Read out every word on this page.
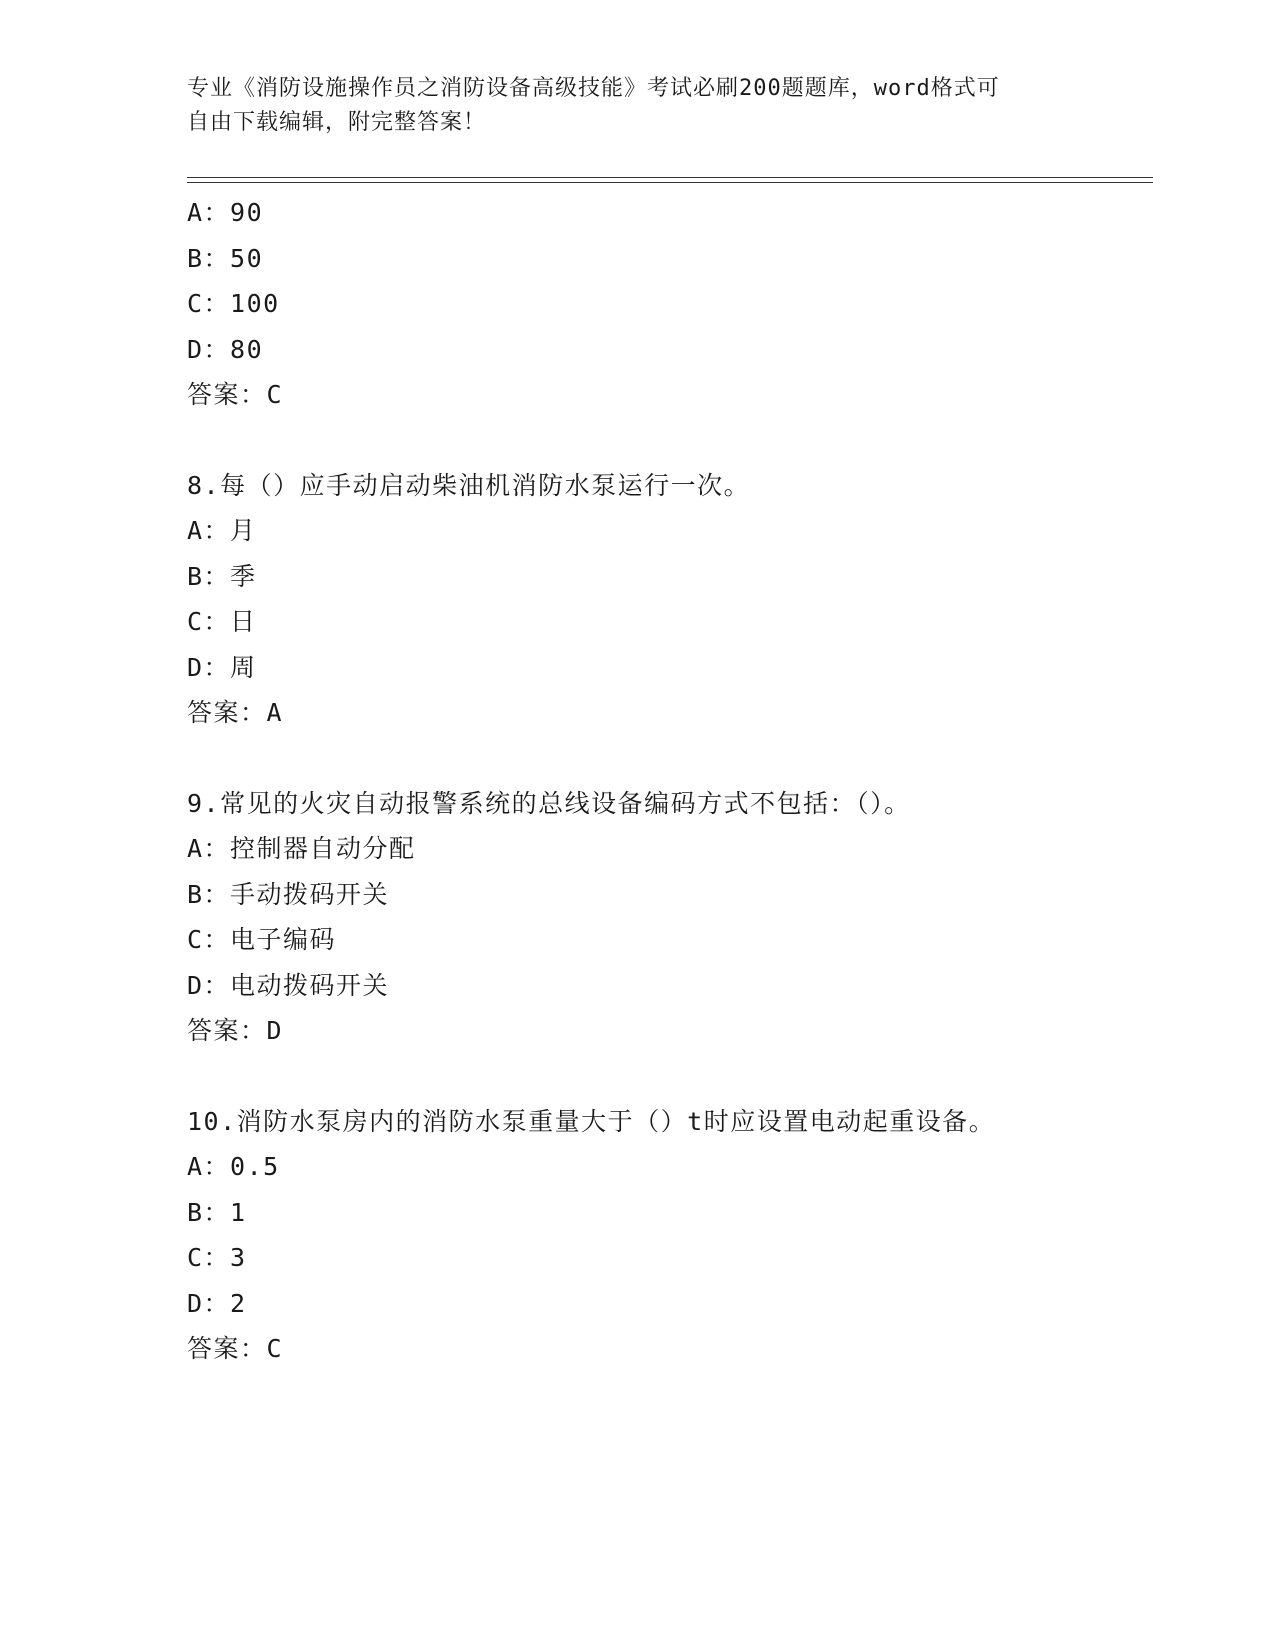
专业《消防设施操作员之消防设备高级技能》考试必刷200题题库，word格式可
自由下载编辑，附完整答案！
A：90
B：50
C：100
D：80
答案：C
8.每（）应手动启动柴油机消防水泵运行一次。
A：月
B：季
C：日
D：周
答案：A
9.常见的火灾自动报警系统的总线设备编码方式不包括：（）。
A：控制器自动分配
B：手动拨码开关
C：电子编码
D：电动拨码开关
答案：D
10.消防水泵房内的消防水泵重量大于（）t时应设置电动起重设备。
A：0.5
B：1
C：3
D：2
答案：C
